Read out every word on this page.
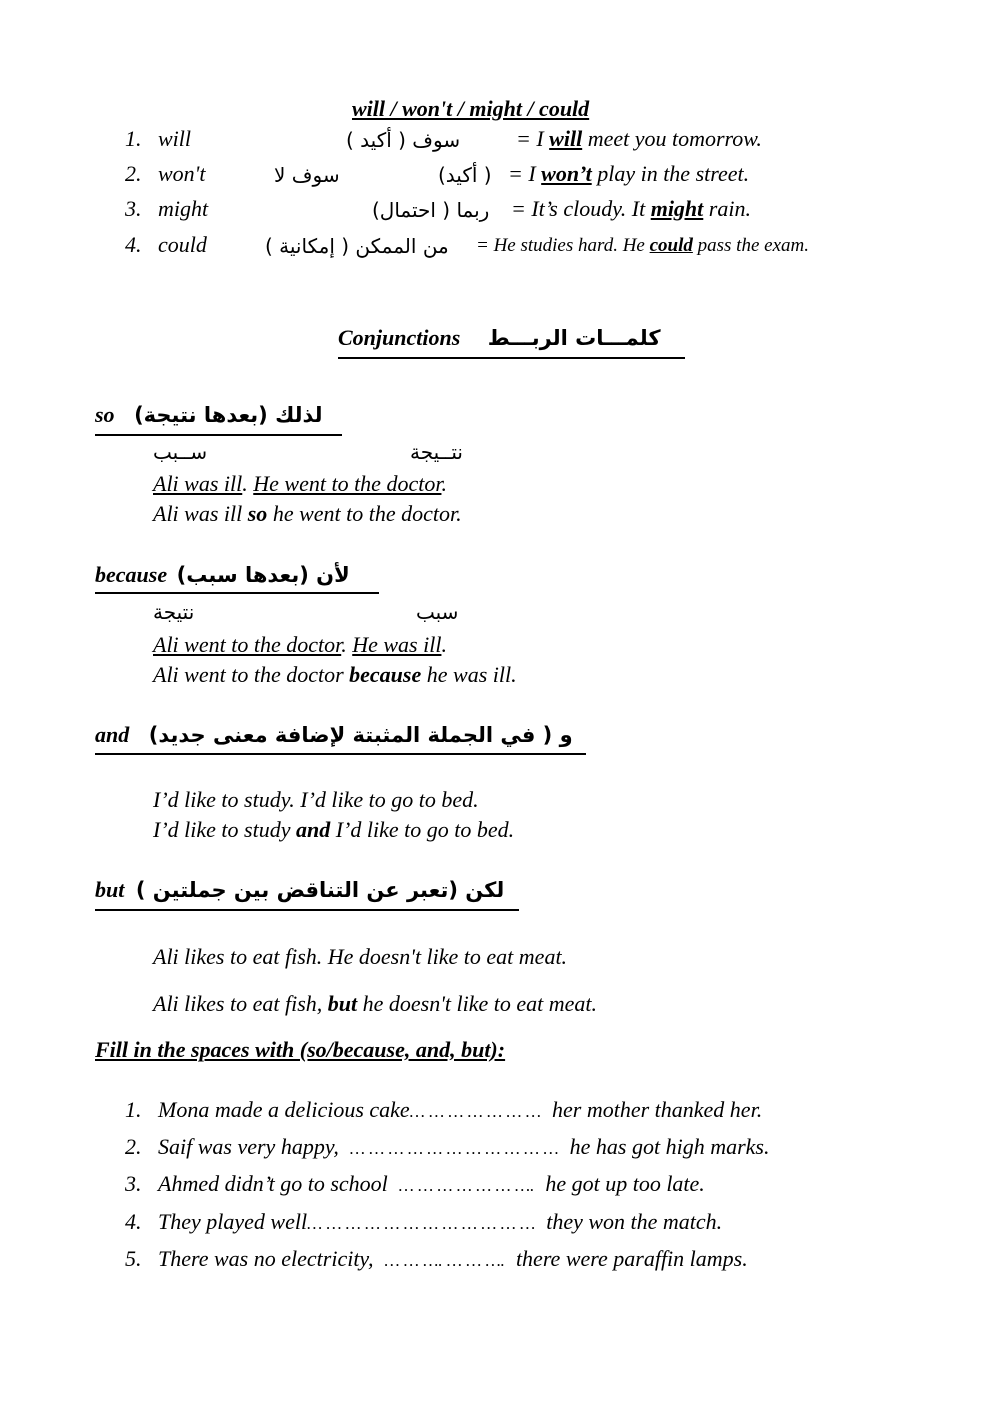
will / won't / might / could
1. will	سوف ( أكيد )	= I will meet you tomorrow.
2. won't	سوف لا	( أكيد) = I won’t play in the street.
3. might	ربما ( احتمال) = It’s cloudy. It might rain.
4. could	من الممكن ( إمكانية ) = He studies hard. He could pass the exam.
Conjunctions كلمـــات الربـــط
so لذلك (بعدها نتيجة)
ســبب	نتــيجة
Ali was ill. He went to the doctor.
Ali was ill so he went to the doctor.
because لأن (بعدها سبب)
نتيجة	سبب
Ali went to the doctor. He was ill.
Ali went to the doctor because he was ill.
and و ( في الجملة المثبتة لإضافة معنى جديد)
I’d like to study. I’d like to go to bed.
I’d like to study and I’d like to go to bed.
but لكن (تعبر عن التناقض بين جملتين )
Ali likes to eat fish. He doesn't like to eat meat.
Ali likes to eat fish, but he doesn't like to eat meat.
Fill in the spaces with (so/because, and, but):
1. Mona made a delicious cake… … … … … … … her mother thanked her.
2. Saif was very happy, … … … … … … … … … … … he has got high marks.
3. Ahmed didn’t go to school … … … … … … …. he got up too late.
4. They played well… … … … … … … … … … … … they won the match.
5. There was no electricity, … … …. … … …. there were paraffin lamps.
